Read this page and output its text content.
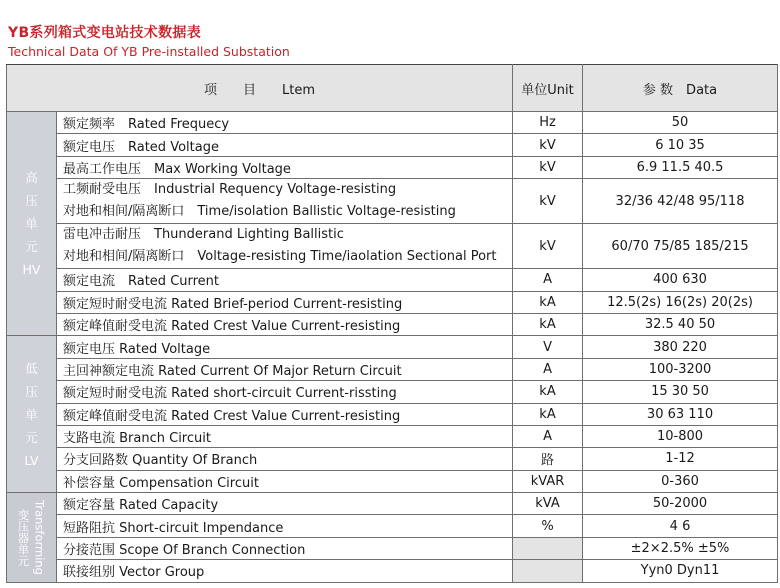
YB系列箱式变电站技术数据表
Technical Data Of YB Pre-installed Substation
项　　目　　Ltem		单位Unit	参 数　Data

高
压
单
元
HV	额定频率　Rated Frequecy	Hz	50
	额定电压　Rated Voltage	kV	6 10 35
	最高工作电压　Max Working Voltage	kV	6.9 11.5 40.5

	工频耐受电压　Industrial Requency Voltage-resisting
对地和相间/隔离断口　Time/isolation Ballistic Voltage-resisting	kV	32/36 42/48 95/118

	雷电冲击耐压　Thunderand Lighting Ballistic
对地和相间/隔离断口　Voltage-resisting Time/iaolation Sectional Port	kV	60/70 75/85 185/215
	额定电流　Rated Current	A	400 630
	额定短时耐受电流 Rated Brief-period Current-resisting	kA	12.5(2s) 16(2s) 20(2s)
	额定峰值耐受电流 Rated Crest Value Current-resisting	kA	32.5 40 50

低
压
单
元
LV	额定电压 Rated Voltage	V	380 220
	主回神额定电流 Rated Current Of Major Return Circuit	A	100-3200
	额定短时耐受电流 Rated short-circuit Current-rissting	kA	15 30 50
	额定峰值耐受电流 Rated Crest Value Current-resisting	kA	30 63 110
	支路电流 Branch Circuit	A	10-800
	分支回路数 Quantity Of Branch	路	1-12
	补偿容量 Compensation Circuit	kVAR	0-360

变压器单元 Transforming	额定容量 Rated Capacity	kVA	50-2000
	短路阻抗 Short-circuit Impendance	%	4 6
	分接范围 Scope Of Branch Connection		±2×2.5% ±5%
	联接组别 Vector Group		Yyn0 Dyn11
